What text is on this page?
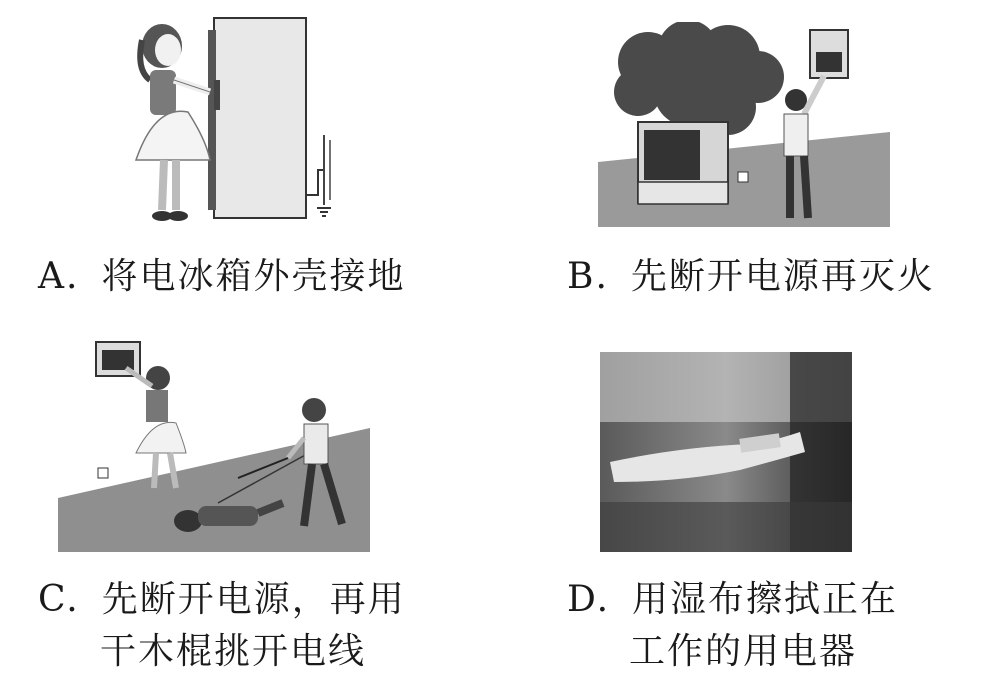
A. 将电冰箱外壳接地	B. 先断开电源再灭火
C. 先断开电源，再用
干木棍挑开电线
D. 用湿布擦拭正在
工作的用电器
